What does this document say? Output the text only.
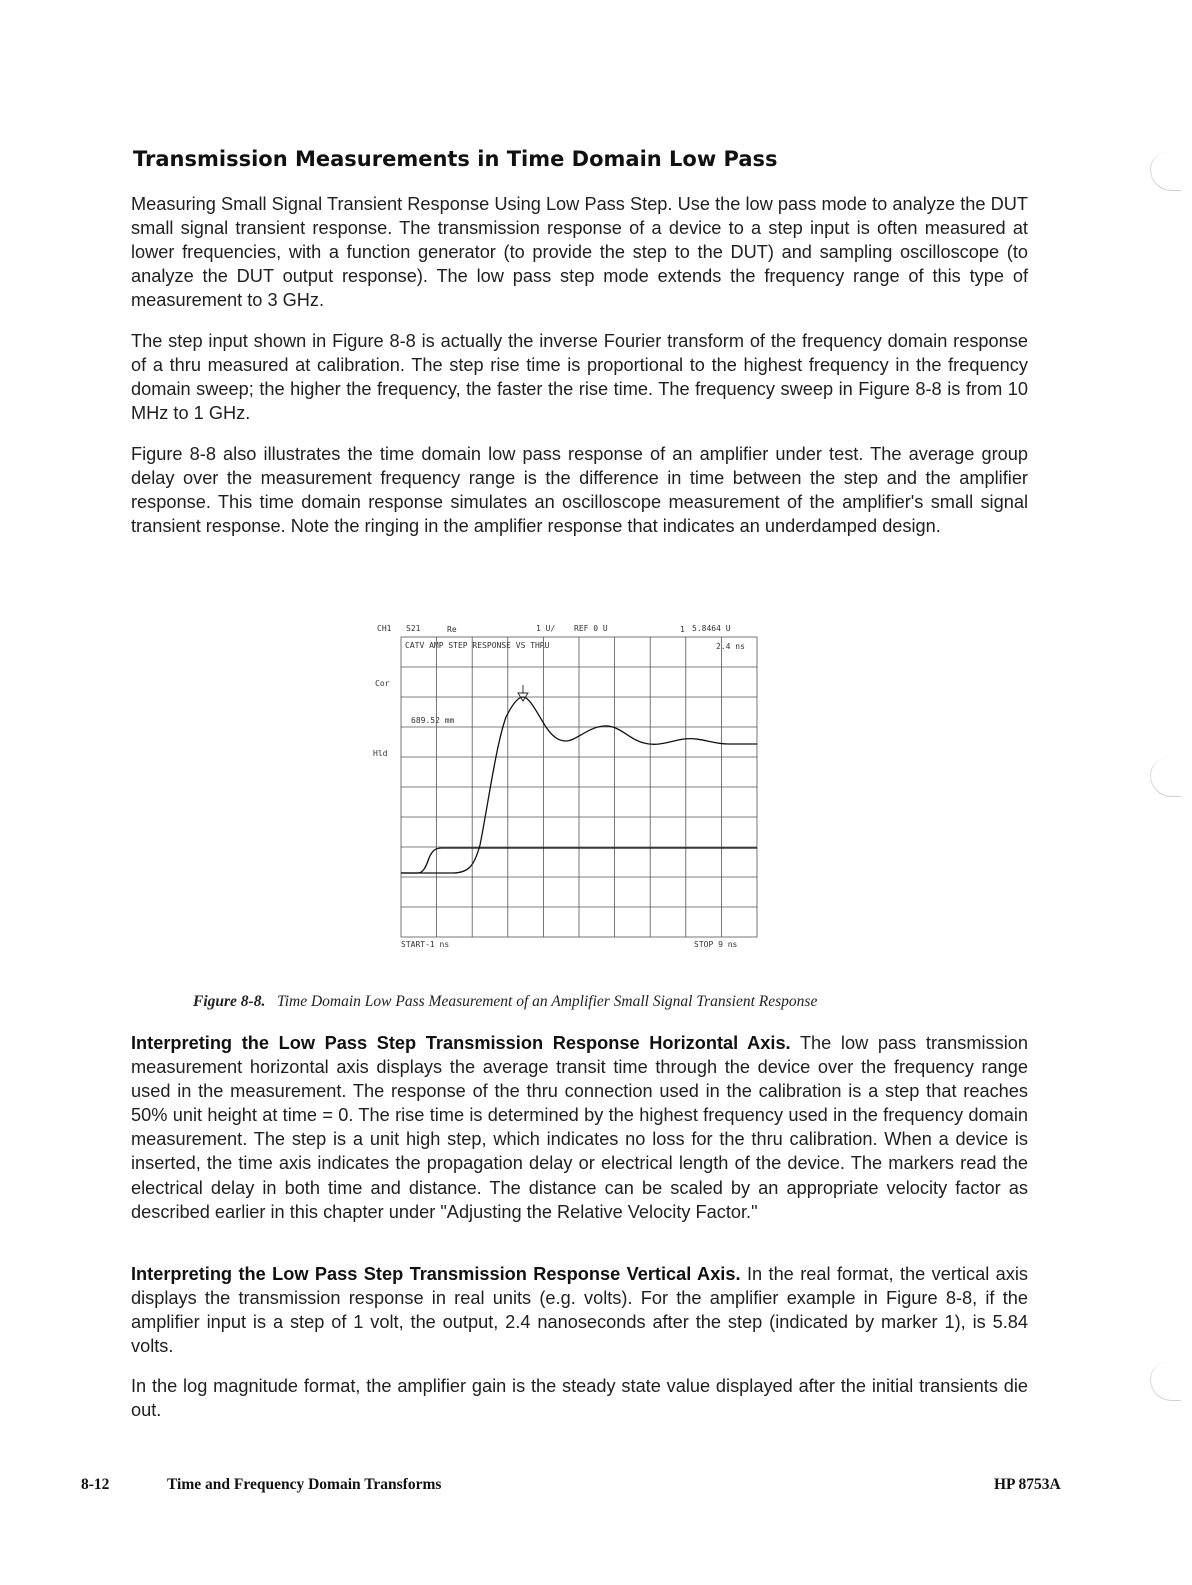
Transmission Measurements in Time Domain Low Pass

Measuring Small Signal Transient Response Using Low Pass Step. Use the low pass mode to analyze the DUT small signal transient response. The transmission response of a device to a step input is often measured at lower frequencies, with a function generator (to provide the step to the DUT) and sampling oscilloscope (to analyze the DUT output response). The low pass step mode extends the frequency range of this type of measurement to 3 GHz.

The step input shown in Figure 8-8 is actually the inverse Fourier transform of the frequency domain response of a thru measured at calibration. The step rise time is proportional to the highest frequency in the frequency domain sweep; the higher the frequency, the faster the rise time. The frequency sweep in Figure 8-8 is from 10 MHz to 1 GHz.

Figure 8-8 also illustrates the time domain low pass response of an amplifier under test. The average group delay over the measurement frequency range is the difference in time between the step and the amplifier response. This time domain response simulates an oscilloscope measurement of the amplifier's small signal transient response. Note the ringing in the amplifier response that indicates an underdamped design.

CH1 S21	Re	1 U/ REF 0 U	1 5.8464 U
2.4 ns
CATV AMP STEP RESPONSE VS THRU
Cor
Hld
689.52 mm
START-1 ns	STOP 9 ns

Figure 8-8. Time Domain Low Pass Measurement of an Amplifier Small Signal Transient Response

Interpreting the Low Pass Step Transmission Response Horizontal Axis. The low pass transmission measurement horizontal axis displays the average transit time through the device over the frequency range used in the measurement. The response of the thru connection used in the calibration is a step that reaches 50% unit height at time = 0. The rise time is determined by the highest frequency used in the frequency domain measurement. The step is a unit high step, which indicates no loss for the thru calibration. When a device is inserted, the time axis indicates the propagation delay or electrical length of the device. The markers read the electrical delay in both time and distance. The distance can be scaled by an appropriate velocity factor as described earlier in this chapter under "Adjusting the Relative Velocity Factor."

Interpreting the Low Pass Step Transmission Response Vertical Axis. In the real format, the vertical axis displays the transmission response in real units (e.g. volts). For the amplifier example in Figure 8-8, if the amplifier input is a step of 1 volt, the output, 2.4 nanoseconds after the step (indicated by marker 1), is 5.84 volts.

In the log magnitude format, the amplifier gain is the steady state value displayed after the initial transients die out.

8-12	Time and Frequency Domain Transforms	HP 8753A
